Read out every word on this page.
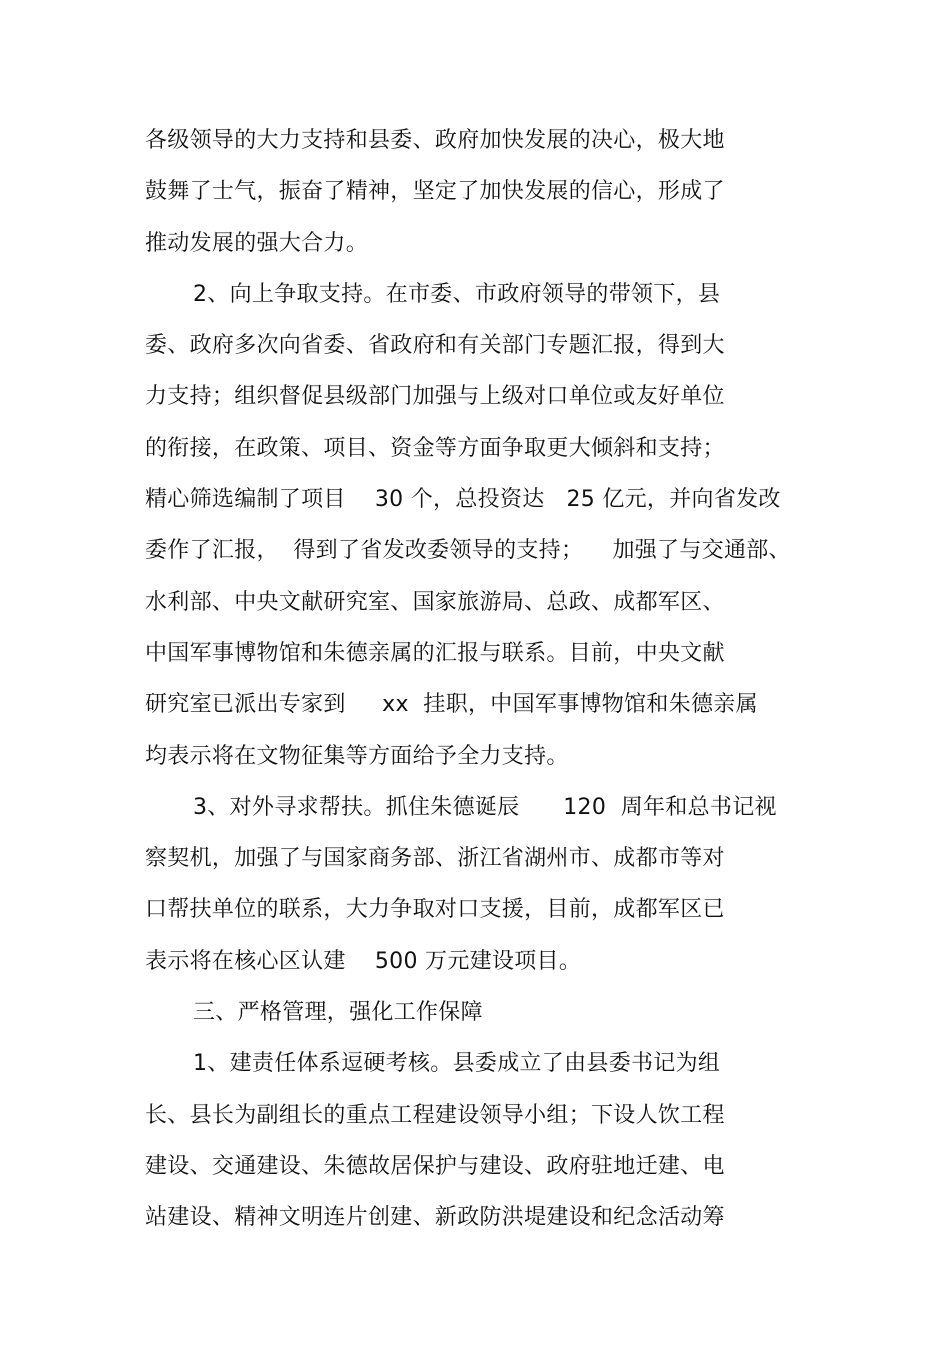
各级领导的大力支持和县委、政府加快发展的决心，极大地
鼓舞了士气，振奋了精神，坚定了加快发展的信心，形成了
推动发展的强大合力。
2、向上争取支持。在市委、市政府领导的带领下，县
委、政府多次向省委、省政府和有关部门专题汇报，得到大
力支持；组织督促县级部门加强与上级对口单位或友好单位
的衔接，在政策、项目、资金等方面争取更大倾斜和支持；
精心筛选编制了项目    30 个，总投资达   25 亿元，并向省发改
委作了汇报，  得到了省发改委领导的支持；    加强了与交通部、
水利部、中央文献研究室、国家旅游局、总政、成都军区、
中国军事博物馆和朱德亲属的汇报与联系。目前，中央文献
研究室已派出专家到     xx  挂职，中国军事博物馆和朱德亲属
均表示将在文物征集等方面给予全力支持。
3、对外寻求帮扶。抓住朱德诞辰      120  周年和总书记视
察契机，加强了与国家商务部、浙江省湖州市、成都市等对
口帮扶单位的联系，大力争取对口支援，目前，成都军区已
表示将在核心区认建    500 万元建设项目。
三、严格管理，强化工作保障
1、建责任体系逗硬考核。县委成立了由县委书记为组
长、县长为副组长的重点工程建设领导小组；下设人饮工程
建设、交通建设、朱德故居保护与建设、政府驻地迁建、电
站建设、精神文明连片创建、新政防洪堤建设和纪念活动筹
